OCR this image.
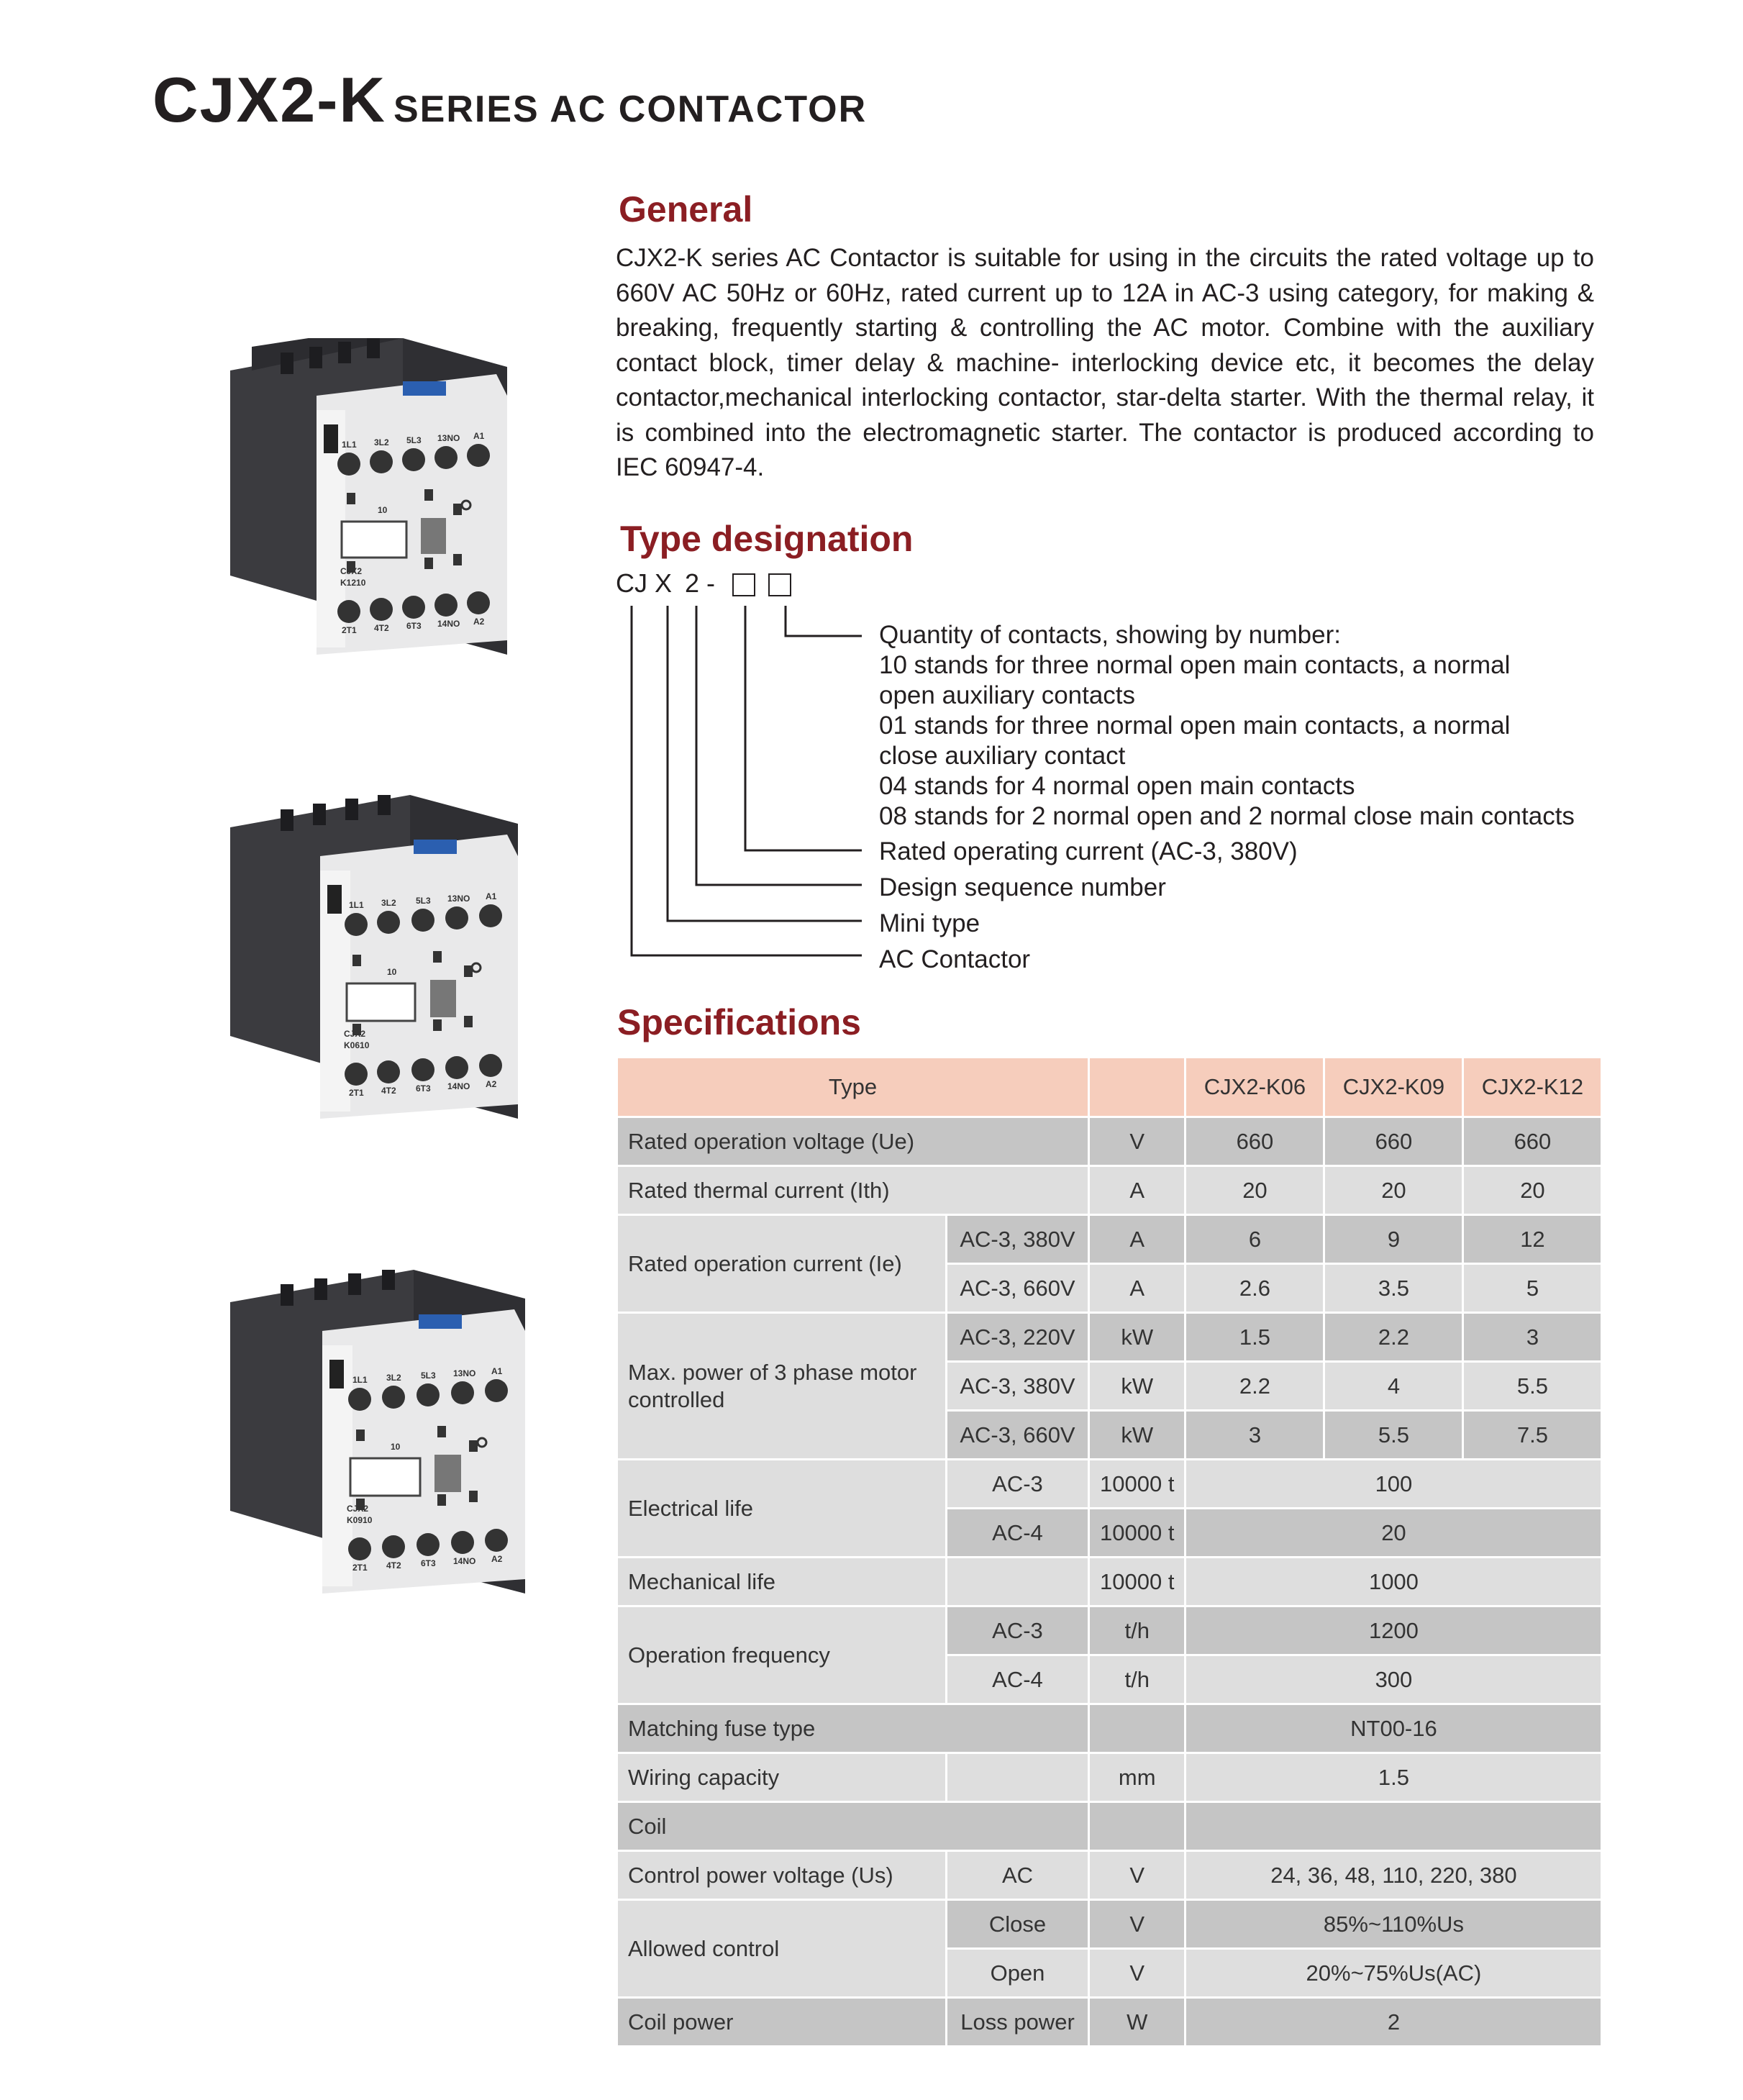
CJX2-K SERIES AC CONTACTOR
General

CJX2-K series AC Contactor is suitable for using in the circuits the rated voltage up to 660V AC 50Hz or 60Hz, rated current up to 12A in AC-3 using category, for making & breaking, frequently starting & controlling the AC motor. Combine with the auxiliary contact block, timer delay & machine- interlocking device etc, it becomes the delay contactor,mechanical interlocking contactor, star-delta starter. With the thermal relay, it is combined into the electromagnetic starter. The contactor is produced according to IEC 60947-4.

1L1 3L2 5L3 13NO A1
10
CJX2
K1210
2T1 4T2 6T3 14NO A2
1L1 3L2 5L3 13NO A1
10
CJX2
K0610
2T1 4T2 6T3 14NO A2
1L1 3L2 5L3 13NO A1
10
CJX2
K0910
2T1 4T2 6T3 14NO A2
Type designation
CJ X 2 -
Quantity of contacts, showing by number:
10 stands for three normal open main contacts, a normal
open auxiliary contacts
01 stands for three normal open main contacts, a normal
close auxiliary contact
04 stands for 4 normal open main contacts
08 stands for 2 normal open and 2 normal close main contacts
Rated operating current (AC-3, 380V)
Design sequence number
Mini type
AC Contactor
Specifications
Type			CJX2-K06	CJX2-K09	CJX2-K12
Rated operation voltage (Ue)		V	660	660	660
Rated thermal current (Ith)		A	20	20	20
Rated operation current (Ie)	AC-3, 380V	A	6	9	12
	AC-3, 660V	A	2.6	3.5	5
Max. power of 3 phase motor controlled	AC-3, 220V	kW	1.5	2.2	3
	AC-3, 380V	kW	2.2	4	5.5
	AC-3, 660V	kW	3	5.5	7.5
Electrical life	AC-3	10000 t	100		
	AC-4	10000 t	20		
Mechanical life		10000 t	1000		
Operation frequency	AC-3	t/h	1200		
	AC-4	t/h	300		
Matching fuse type			NT00-16		
Wiring capacity		mm	1.5		
Coil					
Control power voltage (Us)	AC	V	24, 36, 48, 110, 220, 380		
Allowed control	Close	V	85%~110%Us		
	Open	V	20%~75%Us(AC)		
Coil power	Loss power	W	2		
